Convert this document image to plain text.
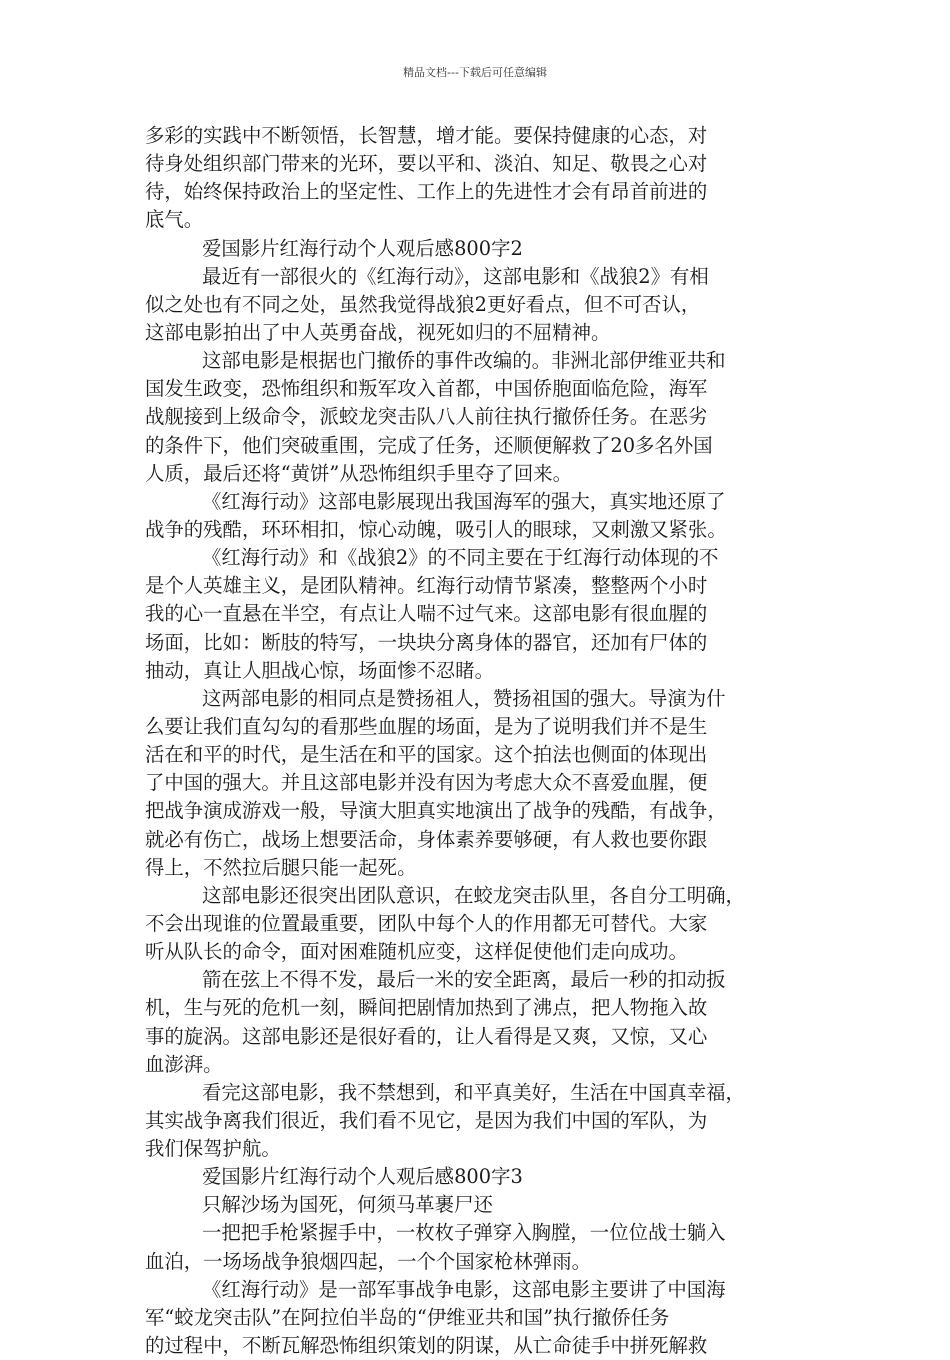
精品文档---下载后可任意编辑
多彩的实践中不断领悟，长智慧，增才能。要保持健康的心态，对
待身处组织部门带来的光环，要以平和、淡泊、知足、敬畏之心对
待，始终保持政治上的坚定性、工作上的先进性才会有昂首前进的
底气。
爱国影片红海行动个人观后感800字2
最近有一部很火的《红海行动》，这部电影和《战狼2》有相
似之处也有不同之处，虽然我觉得战狼2更好看点，但不可否认，
这部电影拍出了中人英勇奋战，视死如归的不屈精神。
这部电影是根据也门撤侨的事件改编的。非洲北部伊维亚共和
国发生政变，恐怖组织和叛军攻入首都，中国侨胞面临危险，海军
战舰接到上级命令，派蛟龙突击队八人前往执行撤侨任务。在恶劣
的条件下，他们突破重围，完成了任务，还顺便解救了20多名外国
人质，最后还将“黄饼”从恐怖组织手里夺了回来。
《红海行动》这部电影展现出我国海军的强大，真实地还原了
战争的残酷，环环相扣，惊心动魄，吸引人的眼球，又刺激又紧张。
《红海行动》和《战狼2》的不同主要在于红海行动体现的不
是个人英雄主义，是团队精神。红海行动情节紧凑，整整两个小时
我的心一直悬在半空，有点让人喘不过气来。这部电影有很血腥的
场面，比如：断肢的特写，一块块分离身体的器官，还加有尸体的
抽动，真让人胆战心惊，场面惨不忍睹。
这两部电影的相同点是赞扬祖人，赞扬祖国的强大。导演为什
么要让我们直勾勾的看那些血腥的场面，是为了说明我们并不是生
活在和平的时代，是生活在和平的国家。这个拍法也侧面的体现出
了中国的强大。并且这部电影并没有因为考虑大众不喜爱血腥，便
把战争演成游戏一般，导演大胆真实地演出了战争的残酷，有战争，
就必有伤亡，战场上想要活命，身体素养要够硬，有人救也要你跟
得上，不然拉后腿只能一起死。
这部电影还很突出团队意识，在蛟龙突击队里，各自分工明确，
不会出现谁的位置最重要，团队中每个人的作用都无可替代。大家
听从队长的命令，面对困难随机应变，这样促使他们走向成功。
箭在弦上不得不发，最后一米的安全距离，最后一秒的扣动扳
机，生与死的危机一刻，瞬间把剧情加热到了沸点，把人物拖入故
事的旋涡。这部电影还是很好看的，让人看得是又爽，又惊，又心
血澎湃。
看完这部电影，我不禁想到，和平真美好，生活在中国真幸福，
其实战争离我们很近，我们看不见它，是因为我们中国的军队，为
我们保驾护航。
爱国影片红海行动个人观后感800字3
只解沙场为国死，何须马革裹尸还
一把把手枪紧握手中，一枚枚子弹穿入胸膛，一位位战士躺入
血泊，一场场战争狼烟四起，一个个国家枪林弹雨。
《红海行动》是一部军事战争电影，这部电影主要讲了中国海
军“蛟龙突击队”在阿拉伯半岛的“伊维亚共和国”执行撤侨任务
的过程中，不断瓦解恐怖组织策划的阴谋，从亡命徒手中拼死解救
